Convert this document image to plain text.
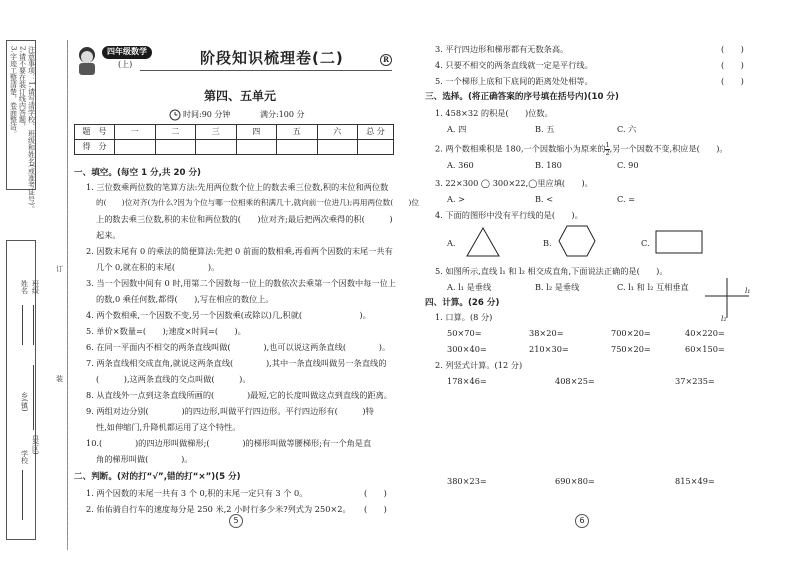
注意事项：1.请写清学校、班级和姓名(或准考证号)。
2.请不要在装订线内答题，
3.字迹工整清楚，卷面整洁。
班级
姓名
县(区)
乡(镇)
学校
订
装
四年级数学
(上)	阶段知识梳理卷(二)	R
第四、五单元
时间:90 分钟	满分:100 分
题　号	一	二	三	四	五	六	总 分
得　分							
一、填空。(每空 1 分,共 20 分)
1. 三位数乘两位数的笔算方法:先用两位数个位上的数去乘三位数,积的末位和两位数
的(　　)位对齐(为什么?因为个位与哪一位相乘的积满几十,就向前一位进几);再用两位数(　　)位
上的数去乘三位数,积的末位和两位数的(　　)位对齐;最后把两次乘得的积(　　　)
起来。
2. 因数末尾有 0 的乘法的简便算法:先把 0 前面的数相乘,再看两个因数的末尾一共有
几个 0,就在积的末尾(　　　　)。
3. 当一个因数中间有 0 时,用第二个因数每一位上的数依次去乘第一个因数中每一位上
的数,0 乘任何数,都得(　　),写在相应的数位上。
4. 两个数相乘,一个因数不变,另一个因数乘(或除以)几,积就(　　　　　　　)。
5. 单价×数量=(　　);速度×时间=(　　)。
6. 在同一平面内不相交的两条直线叫做(　　　　),也可以说这两条直线(　　　　)。
7. 两条直线相交成直角,就说这两条直线(　　　　),其中一条直线叫做另一条直线的
(　　　),这两条直线的交点叫做(　　　)。
8. 从直线外一点到这条直线所画的(　　　　)最短,它的长度叫做这点到直线的距离。
9. 两组对边分别(　　　　)的四边形,叫做平行四边形。平行四边形有(　　　)特
性,如伸缩门,升降机都运用了这个特性。
10.(　　　　)的四边形叫做梯形;(　　　　)的梯形叫做等腰梯形;有一个角是直
角的梯形叫做(　　　　)。
二、判断。(对的打“√”,错的打“×”)(5 分)
1. 两个因数的末尾一共有 3 个 0,积的末尾一定只有 3 个 0。	(　　)
2. 佑佑骑自行车的速度每分是 250 米,2 小时行多少米?列式为 250×2。 (　　)
5
3. 平行四边形和梯形都有无数条高。	(　　)
4. 只要不相交的两条直线就一定是平行线。	(　　)
5. 一个梯形上底和下底间的距离处处相等。	(　　)
三、选择。(将正确答案的序号填在括号内)(10 分)
1. 458×32 的积是(　　)位数。
A. 四	B. 五	C. 六
2. 两个数相乘积是 180,一个因数缩小为原来的 $\frac{1}{2}$ ,另一个因数不变,积应是(　　)。
A. 360	B. 180	C. 90
3. 22×300 ◯ 300×22,◯里应填(　　)。
A. >	B. <	C. =
4. 下面的图形中没有平行线的是(　　)。
A.	B.	C.
5. 如图所示,直线 l₁ 和 l₂ 相交成直角,下面说法正确的是(　　)。
A. l₁ 是垂线	B. l₂ 是垂线	C. l₁ 和 l₂ 互相垂直	l₁
l₂
四、计算。(26 分)
1. 口算。(8 分)
50×70=	38×20=	700×20=	40×220=
300×40=	210×30=	750×20=	60×150=
2. 列竖式计算。(12 分)
178×46=	408×25=	37×235=
380×23=	690×80=	815×49=
6
